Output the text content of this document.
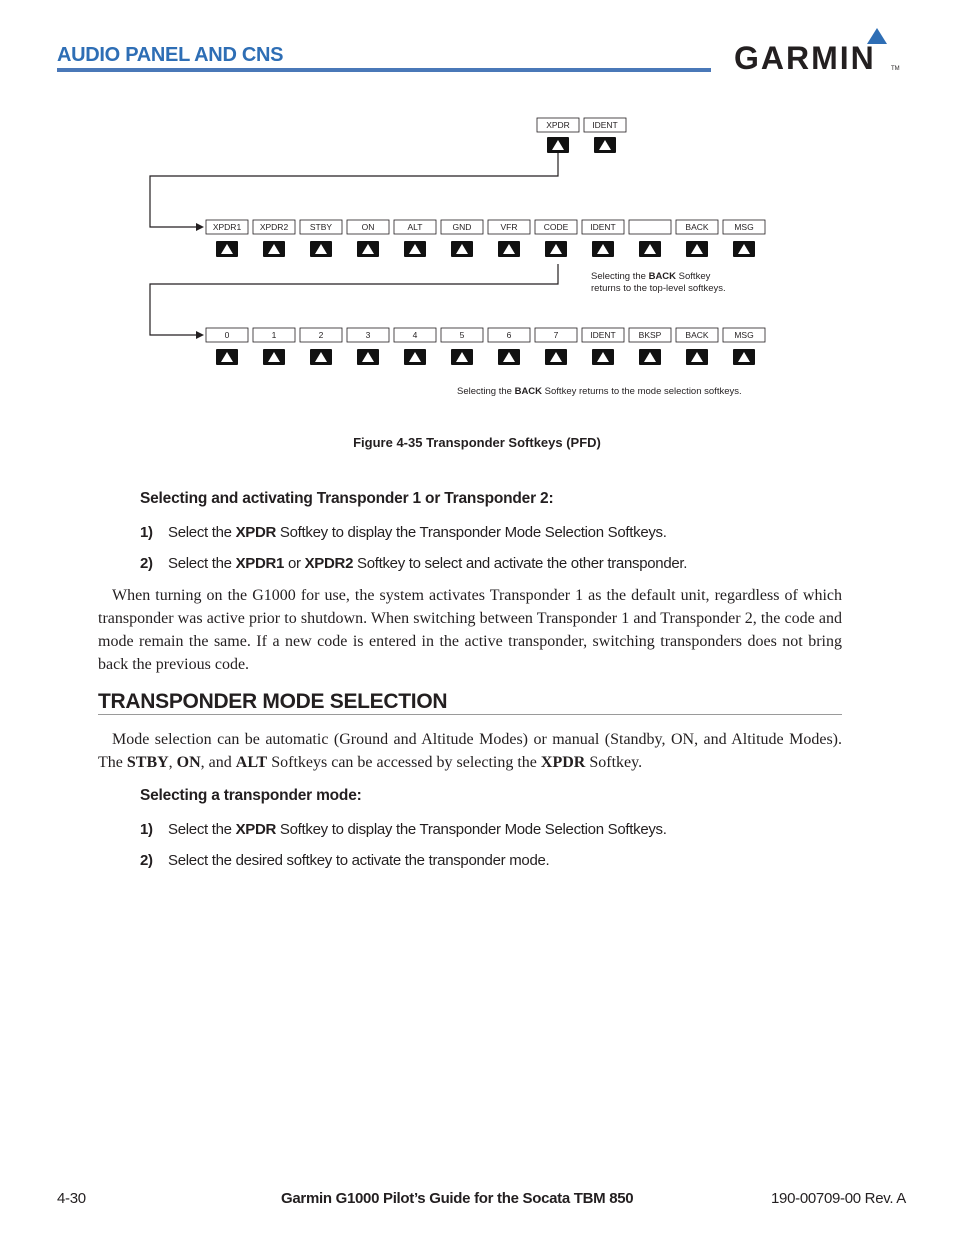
AUDIO PANEL AND CNS	GARMIN	TM
XPDR	IDENT
XPDR1 XPDR2	STBY	ON	ALT	GND	VFR	CODE	IDENT	BACK	MSG
0	1	2	3	4	5	6	7	IDENT	BKSP	BACK	MSG
Selecting the BACK Softkey
returns to the top-level softkeys.
Selecting the BACK Softkey returns to the mode selection softkeys.
Figure 4-35 Transponder Softkeys (PFD)
Selecting and activating Transponder 1 or Transponder 2:
1) Select the XPDR Softkey to display the Transponder Mode Selection Softkeys.
2) Select the XPDR1 or XPDR2 Softkey to select and activate the other transponder.
When turning on the G1000 for use, the system activates Transponder 1 as the default unit, regardless of which transponder was active prior to shutdown. When switching between Transponder 1 and Transponder 2, the code and mode remain the same. If a new code is entered in the active transponder, switching transponders does not bring back the previous code.
TRANSPONDER MODE SELECTION
Mode selection can be automatic (Ground and Altitude Modes) or manual (Standby, ON, and Altitude Modes). The STBY, ON, and ALT Softkeys can be accessed by selecting the XPDR Softkey.
Selecting a transponder mode:
1) Select the XPDR Softkey to display the Transponder Mode Selection Softkeys.
2) Select the desired softkey to activate the transponder mode.
4-30	Garmin G1000 Pilot’s Guide for the Socata TBM 850	190-00709-00 Rev. A
